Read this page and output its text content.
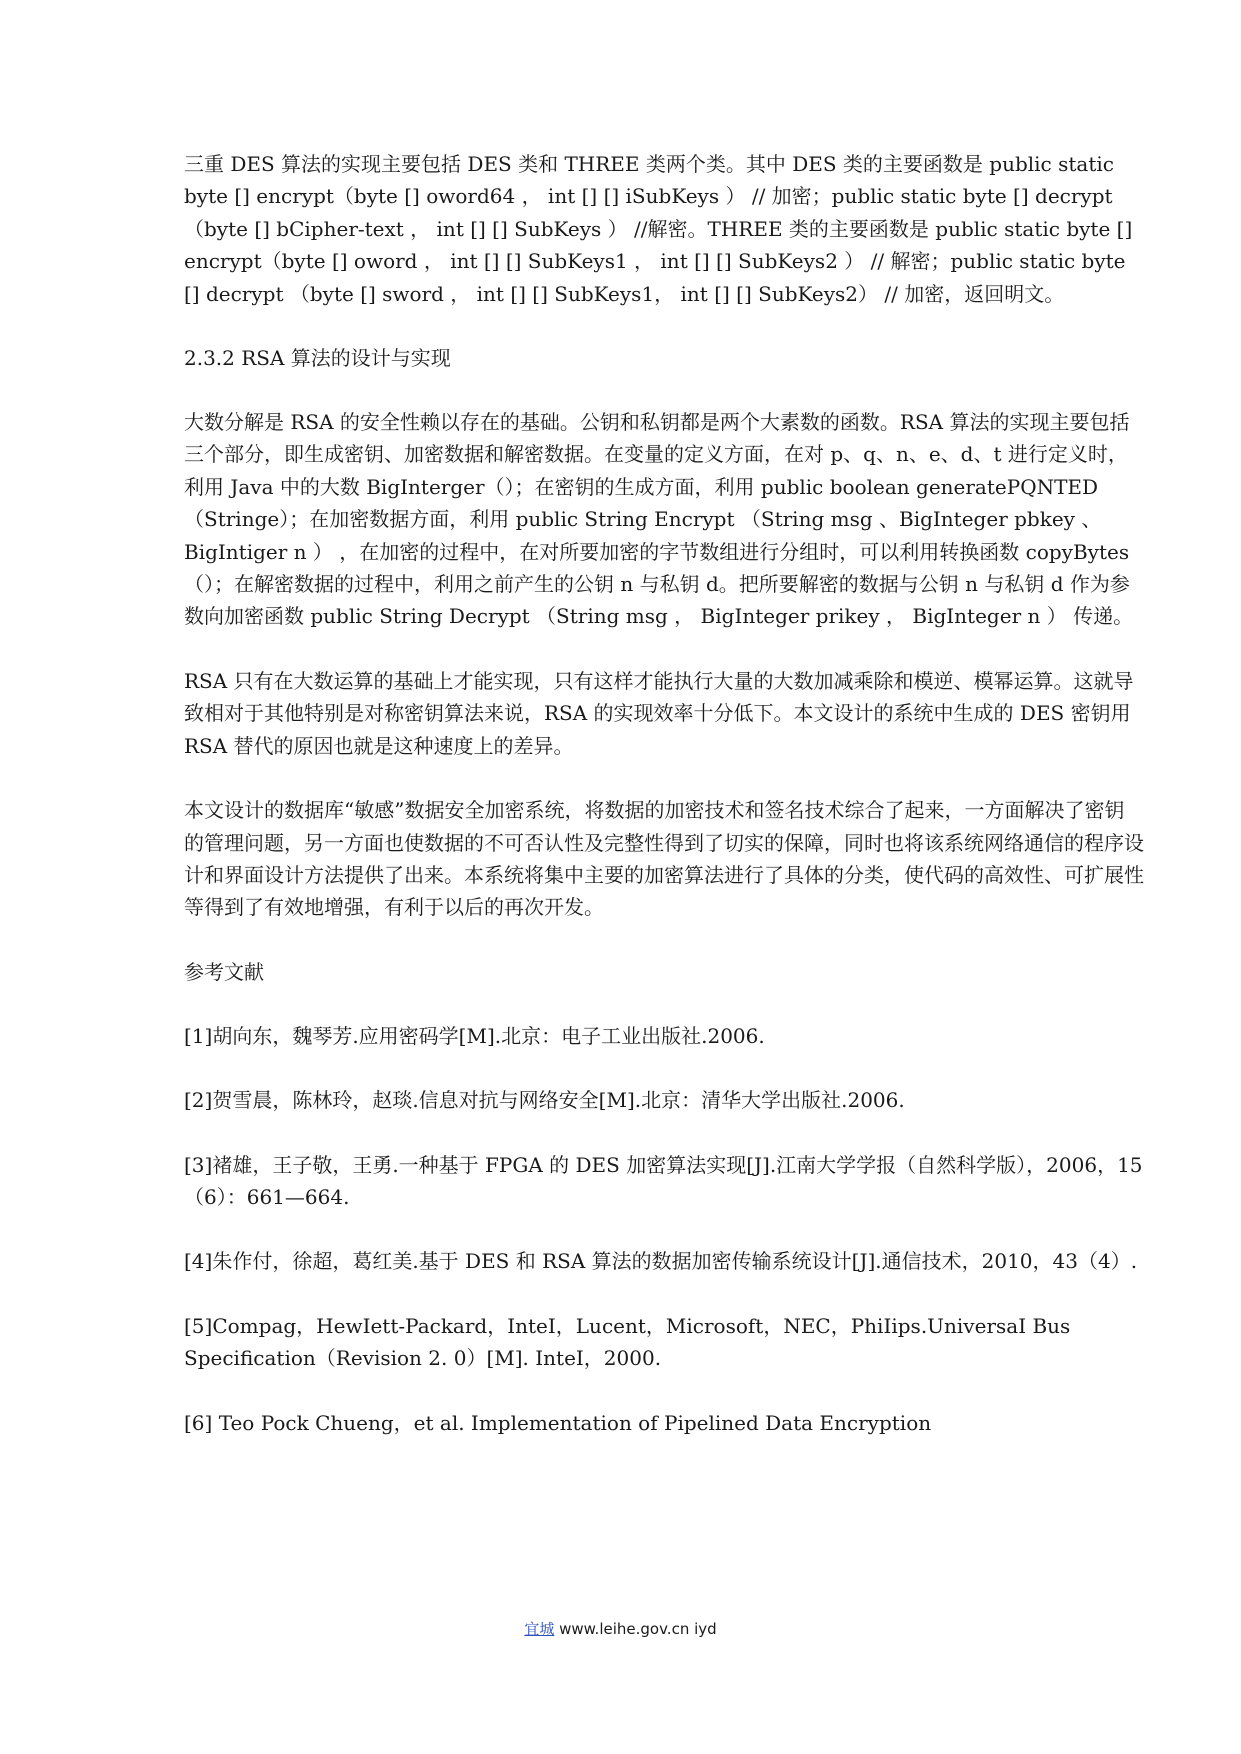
三重 DES 算法的实现主要包括 DES 类和 THREE 类两个类。其中 DES 类的主要函数是 public static byte [] encrypt（byte [] oword64 ， int [] [] iSubKeys ） // 加密；public static byte [] decrypt （byte [] bCipher-text ， int [] [] SubKeys ） //解密。THREE 类的主要函数是 public static byte [] encrypt（byte [] oword ， int [] [] SubKeys1 ， int [] [] SubKeys2 ） // 解密；public static byte [] decrypt （byte [] sword ， int [] [] SubKeys1， int [] [] SubKeys2） // 加密，返回明文。

2.3.2 RSA 算法的设计与实现

大数分解是 RSA 的安全性赖以存在的基础。公钥和私钥都是两个大素数的函数。RSA 算法的实现主要包括三个部分，即生成密钥、加密数据和解密数据。在变量的定义方面，在对 p、q、n、e、d、t 进行定义时，利用 Java 中的大数 BigInterger（）；在密钥的生成方面，利用 public boolean generatePQNTED（Stringe）；在加密数据方面，利用 public String Encrypt （String msg 、BigInteger pbkey 、BigIntiger n ） ，在加密的过程中，在对所要加密的字节数组进行分组时，可以利用转换函数 copyBytes（）；在解密数据的过程中，利用之前产生的公钥 n 与私钥 d。把所要解密的数据与公钥 n 与私钥 d 作为参数向加密函数 public String Decrypt （String msg ， BigInteger prikey ， BigInteger n ） 传递。

RSA 只有在大数运算的基础上才能实现，只有这样才能执行大量的大数加减乘除和模逆、模幂运算。这就导致相对于其他特别是对称密钥算法来说，RSA 的实现效率十分低下。本文设计的系统中生成的 DES 密钥用 RSA 替代的原因也就是这种速度上的差异。

本文设计的数据库“敏感”数据安全加密系统，将数据的加密技术和签名技术综合了起来，一方面解决了密钥的管理问题，另一方面也使数据的不可否认性及完整性得到了切实的保障，同时也将该系统网络通信的程序设计和界面设计方法提供了出来。本系统将集中主要的加密算法进行了具体的分类，使代码的高效性、可扩展性等得到了有效地增强，有利于以后的再次开发。

参考文献

[1]胡向东，魏琴芳.应用密码学[M].北京：电子工业出版社.2006.

[2]贺雪晨，陈林玲，赵琰.信息对抗与网络安全[M].北京：清华大学出版社.2006.

[3]褚雄，王子敬，王勇.一种基于 FPGA 的 DES 加密算法实现[J].江南大学学报（自然科学版），2006，15（6）：661—664.

[4]朱作付，徐超，葛红美.基于 DES 和 RSA 算法的数据加密传输系统设计[J].通信技术，2010，43（4）.

[5]Compag，HewIett-Packard，InteI，Lucent，Microsoft，NEC，PhiIips.UniversaI Bus Specification（Revision 2. 0）[M]. InteI，2000.

[6] Teo Pock Chueng，et al. Implementation of Pipelined Data Encryption

宜城 www.leihe.gov.cn iyd
